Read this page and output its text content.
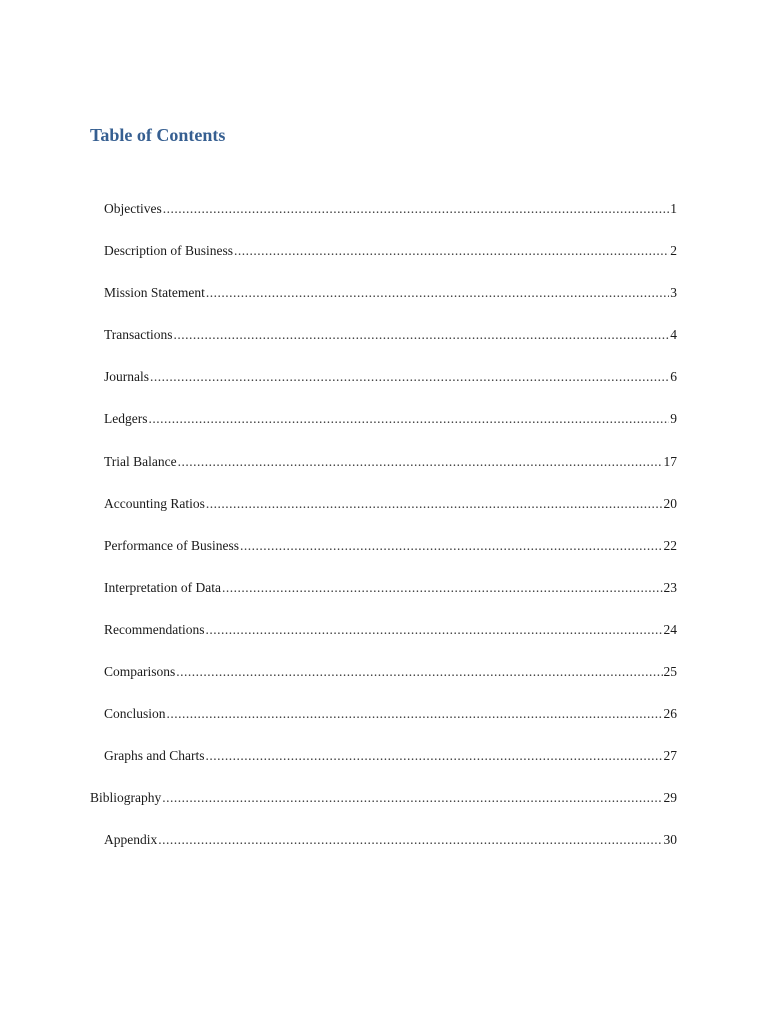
Table of Contents
Objectives .....	1
Description of Business .....	2
Mission Statement .....	3
Transactions .....	4
Journals .....	6
Ledgers .....	9
Trial Balance .....	17
Accounting Ratios .....	20
Performance of Business .....	22
Interpretation of Data .....	23
Recommendations .....	24
Comparisons .....	25
Conclusion .....	26
Graphs and Charts .....	27
Bibliography .....	29
Appendix .....	30
